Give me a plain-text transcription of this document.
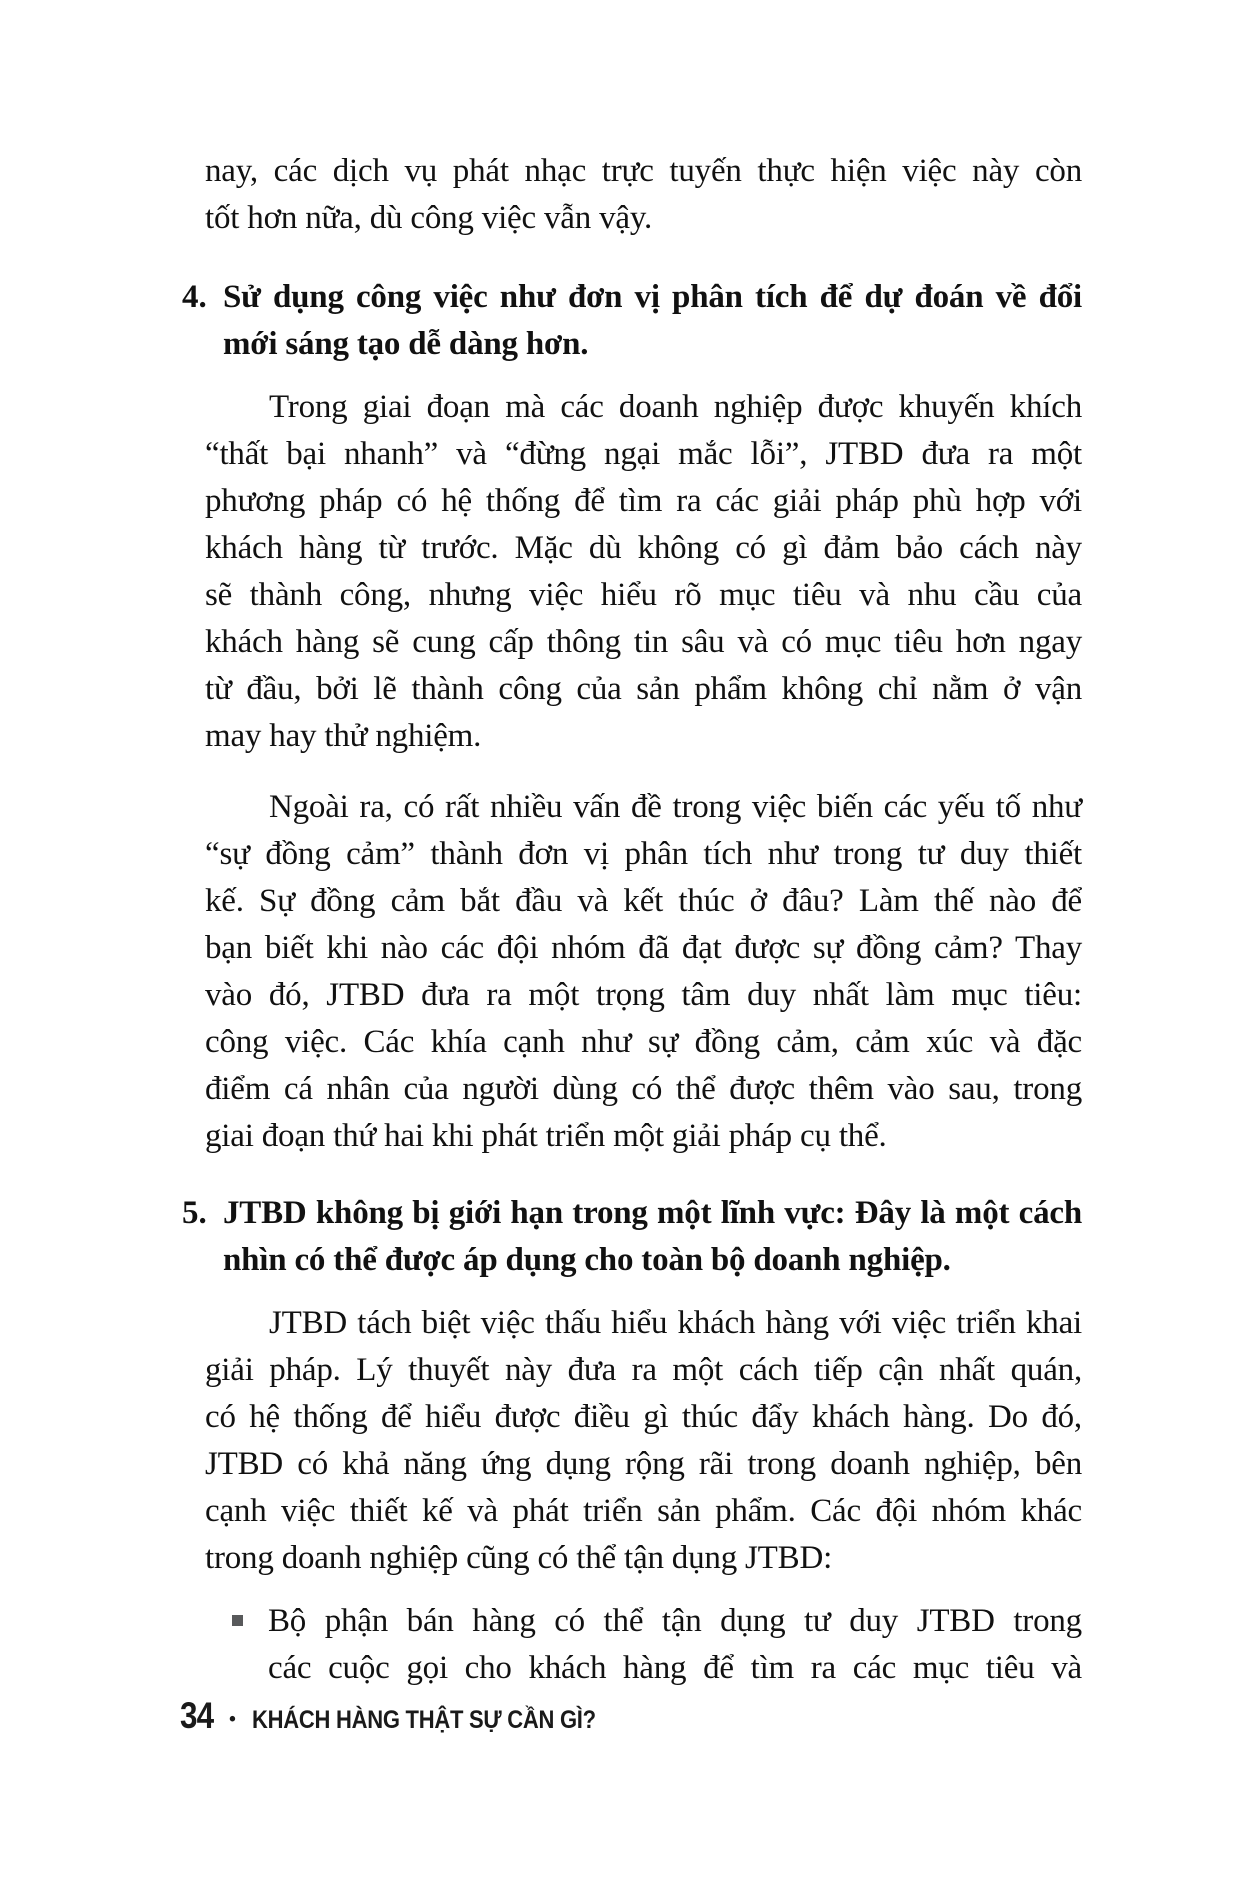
nay, các dịch vụ phát nhạc trực tuyến thực hiện việc này còn
tốt hơn nữa, dù công việc vẫn vậy.
4. Sử dụng công việc như đơn vị phân tích để dự đoán về đổi
mới sáng tạo dễ dàng hơn.
Trong giai đoạn mà các doanh nghiệp được khuyến khích
“thất bại nhanh” và “đừng ngại mắc lỗi”, JTBD đưa ra một
phương pháp có hệ thống để tìm ra các giải pháp phù hợp với
khách hàng từ trước. Mặc dù không có gì đảm bảo cách này
sẽ thành công, nhưng việc hiểu rõ mục tiêu và nhu cầu của
khách hàng sẽ cung cấp thông tin sâu và có mục tiêu hơn ngay
từ đầu, bởi lẽ thành công của sản phẩm không chỉ nằm ở vận
may hay thử nghiệm.
Ngoài ra, có rất nhiều vấn đề trong việc biến các yếu tố như
“sự đồng cảm” thành đơn vị phân tích như trong tư duy thiết
kế. Sự đồng cảm bắt đầu và kết thúc ở đâu? Làm thế nào để
bạn biết khi nào các đội nhóm đã đạt được sự đồng cảm? Thay
vào đó, JTBD đưa ra một trọng tâm duy nhất làm mục tiêu:
công việc. Các khía cạnh như sự đồng cảm, cảm xúc và đặc
điểm cá nhân của người dùng có thể được thêm vào sau, trong
giai đoạn thứ hai khi phát triển một giải pháp cụ thể.
5. JTBD không bị giới hạn trong một lĩnh vực: Đây là một cách
nhìn có thể được áp dụng cho toàn bộ doanh nghiệp.
JTBD tách biệt việc thấu hiểu khách hàng với việc triển khai
giải pháp. Lý thuyết này đưa ra một cách tiếp cận nhất quán,
có hệ thống để hiểu được điều gì thúc đẩy khách hàng. Do đó,
JTBD có khả năng ứng dụng rộng rãi trong doanh nghiệp, bên
cạnh việc thiết kế và phát triển sản phẩm. Các đội nhóm khác
trong doanh nghiệp cũng có thể tận dụng JTBD:
Bộ phận bán hàng có thể tận dụng tư duy JTBD trong
các cuộc gọi cho khách hàng để tìm ra các mục tiêu và
34 • KHÁCH HÀNG THẬT SỰ CẦN GÌ?
